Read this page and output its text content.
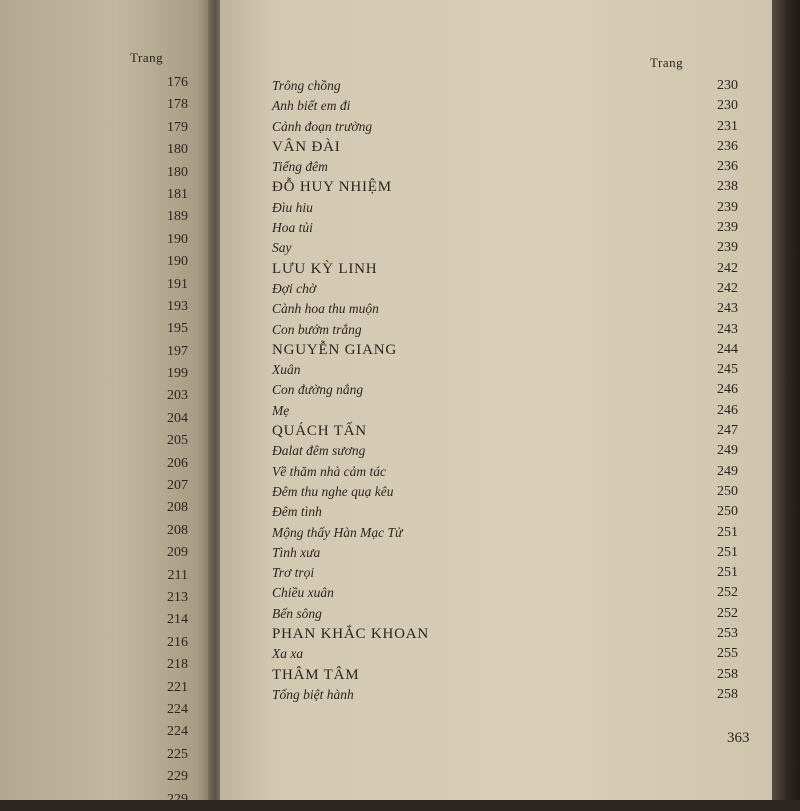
Trang
176
178
179
180
180
181
189
190
190
191
193
195
197
199
203
204
205
206
207
208
208
209
211
213
214
216
218
221
224
224
225
229
229
Trang
Trông chồng	230
Anh biết em đi	230
Cảnh đoạn trường	231
VÂN ĐÀI	236
Tiếng đêm	236
ĐỖ HUY NHIỆM	238
Đìu hiu	239
Hoa tủi	239
Say	239
LƯU KỲ LINH	242
Đợi chờ	242
Cành hoa thu muộn	243
Con bướm trắng	243
NGUYỄN GIANG	244
Xuân	245
Con đường nắng	246
Mẹ	246
QUÁCH TẤN	247
Đalat đêm sương	249
Về thăm nhà cảm tác	249
Đêm thu nghe quạ kêu	250
Đêm tình	250
Mộng thấy Hàn Mạc Tử	251
Tình xưa	251
Trơ trọi	251
Chiều xuân	252
Bến sông	252
PHAN KHẮC KHOAN	253
Xa xa	255
THÂM TÂM	258
Tống biệt hành	258
363
